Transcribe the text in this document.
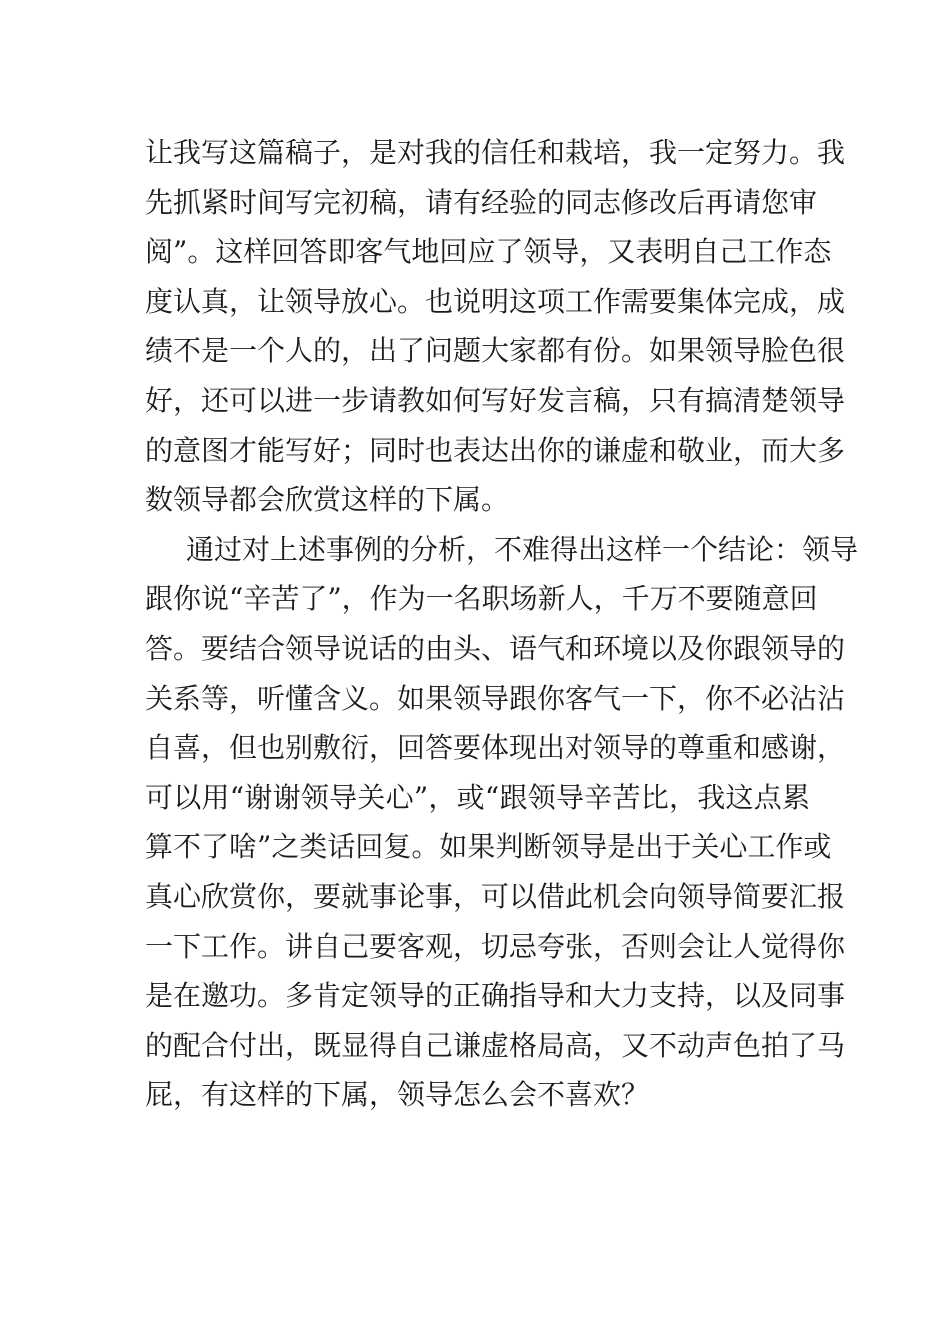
让我写这篇稿子，是对我的信任和栽培，我一定努力。我
先抓紧时间写完初稿，请有经验的同志修改后再请您审
阅”。这样回答即客气地回应了领导，又表明自己工作态
度认真，让领导放心。也说明这项工作需要集体完成，成
绩不是一个人的，出了问题大家都有份。如果领导脸色很
好，还可以进一步请教如何写好发言稿，只有搞清楚领导
的意图才能写好；同时也表达出你的谦虚和敬业，而大多
数领导都会欣赏这样的下属。
通过对上述事例的分析，不难得出这样一个结论：领导
跟你说“辛苦了”，作为一名职场新人，千万不要随意回
答。要结合领导说话的由头、语气和环境以及你跟领导的
关系等，听懂含义。如果领导跟你客气一下，你不必沾沾
自喜，但也别敷衍，回答要体现出对领导的尊重和感谢，
可以用“谢谢领导关心”，或“跟领导辛苦比，我这点累
算不了啥”之类话回复。如果判断领导是出于关心工作或
真心欣赏你，要就事论事，可以借此机会向领导简要汇报
一下工作。讲自己要客观，切忌夸张，否则会让人觉得你
是在邀功。多肯定领导的正确指导和大力支持，以及同事
的配合付出，既显得自己谦虚格局高，又不动声色拍了马
屁，有这样的下属，领导怎么会不喜欢？
